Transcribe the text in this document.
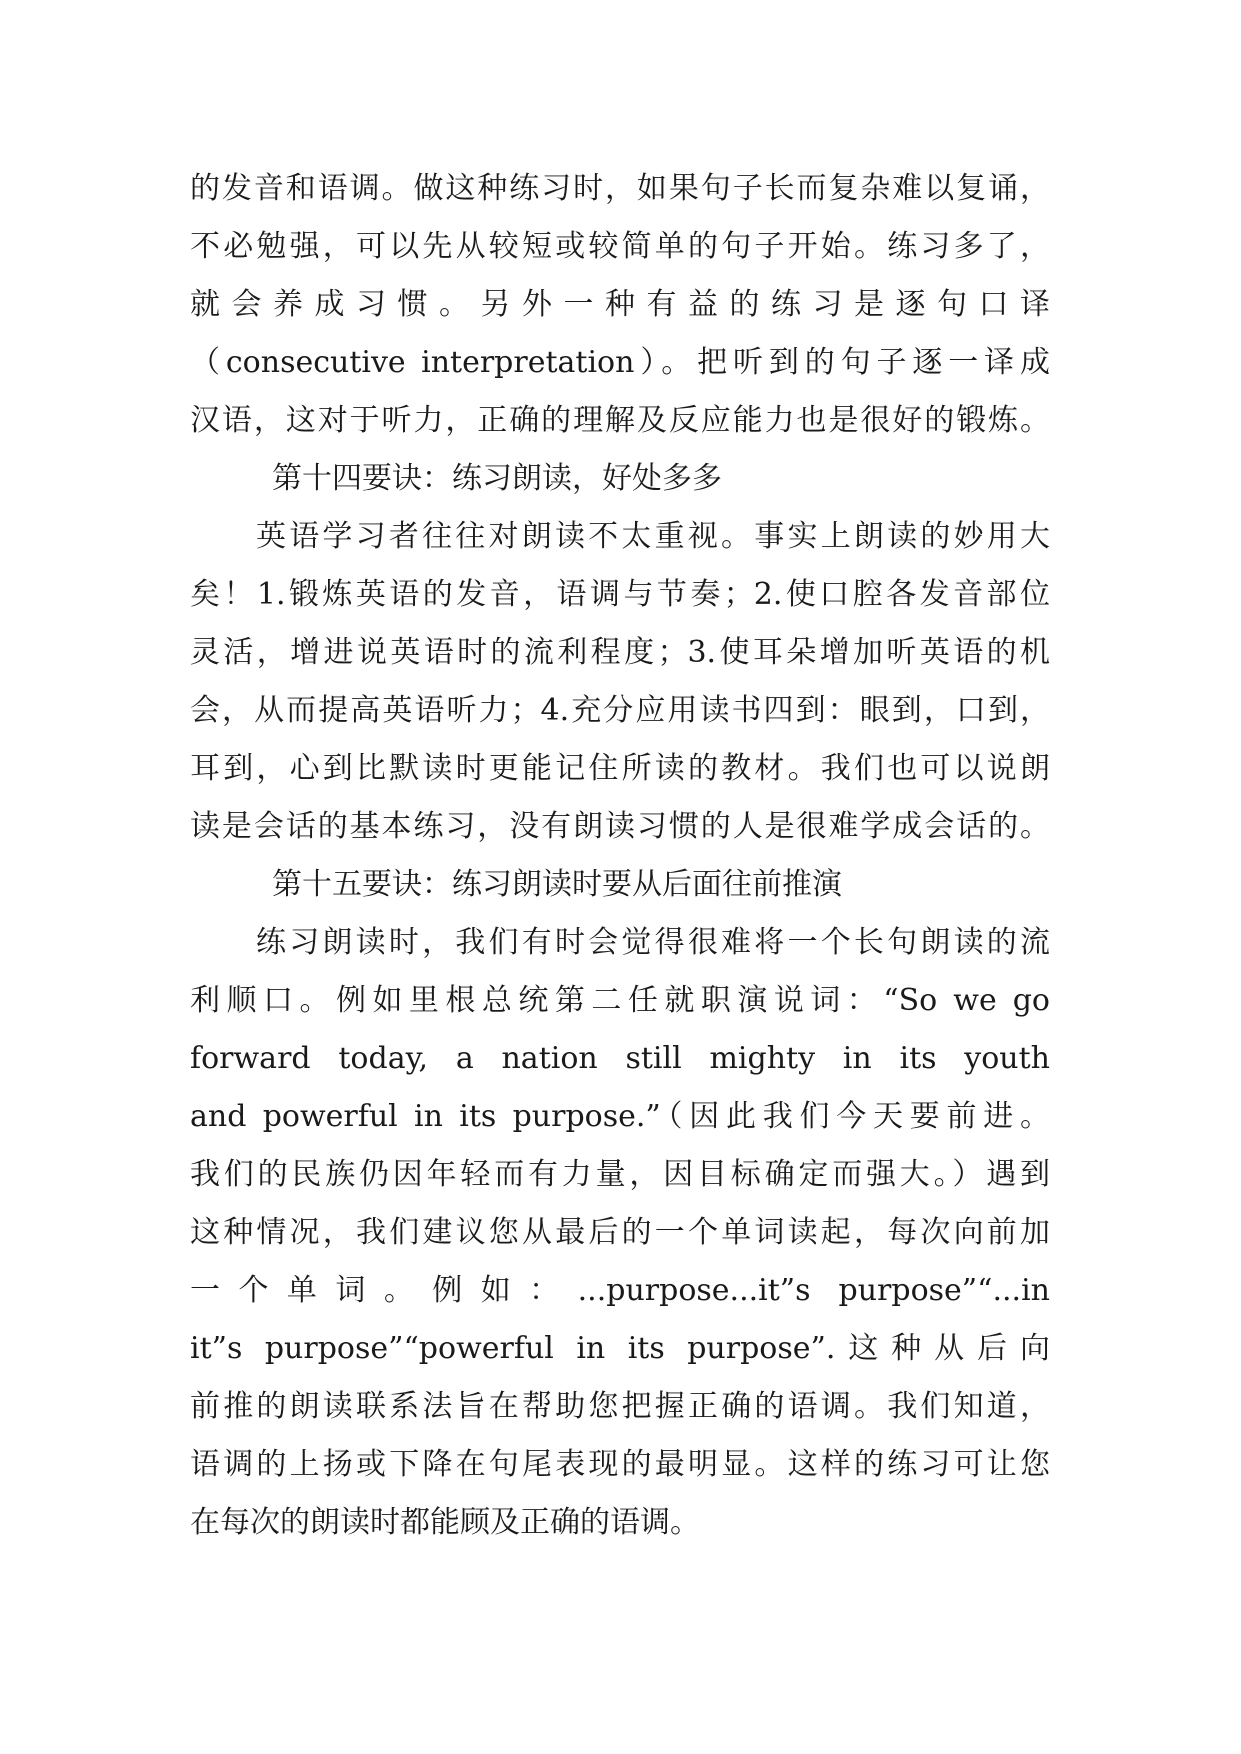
的发音和语调。做这种练习时，如果句子长而复杂难以复诵，
不必勉强，可以先从较短或较简单的句子开始。练习多了，
就会养成习惯。另外一种有益的练习是逐句口译
（consecutive interpretation）。把听到的句子逐一译成
汉语，这对于听力，正确的理解及反应能力也是很好的锻炼。
第十四要诀：练习朗读，好处多多
英语学习者往往对朗读不太重视。事实上朗读的妙用大
矣！1.锻炼英语的发音，语调与节奏；2.使口腔各发音部位
灵活，增进说英语时的流利程度；3.使耳朵增加听英语的机
会，从而提高英语听力；4.充分应用读书四到：眼到，口到，
耳到，心到比默读时更能记住所读的教材。我们也可以说朗
读是会话的基本练习，没有朗读习惯的人是很难学成会话的。
第十五要诀：练习朗读时要从后面往前推演
练习朗读时，我们有时会觉得很难将一个长句朗读的流
利顺口。例如里根总统第二任就职演说词：“So we go
forward today, a nation still mighty in its youth
and powerful in its purpose.”（因此我们今天要前进。
我们的民族仍因年轻而有力量，因目标确定而强大。）遇到
这种情况，我们建议您从最后的一个单词读起，每次向前加
一个单词。例如：...purpose...it”s purpose”“...in
it”s purpose”“powerful in its purpose”.这种从后向
前推的朗读联系法旨在帮助您把握正确的语调。我们知道，
语调的上扬或下降在句尾表现的最明显。这样的练习可让您
在每次的朗读时都能顾及正确的语调。
